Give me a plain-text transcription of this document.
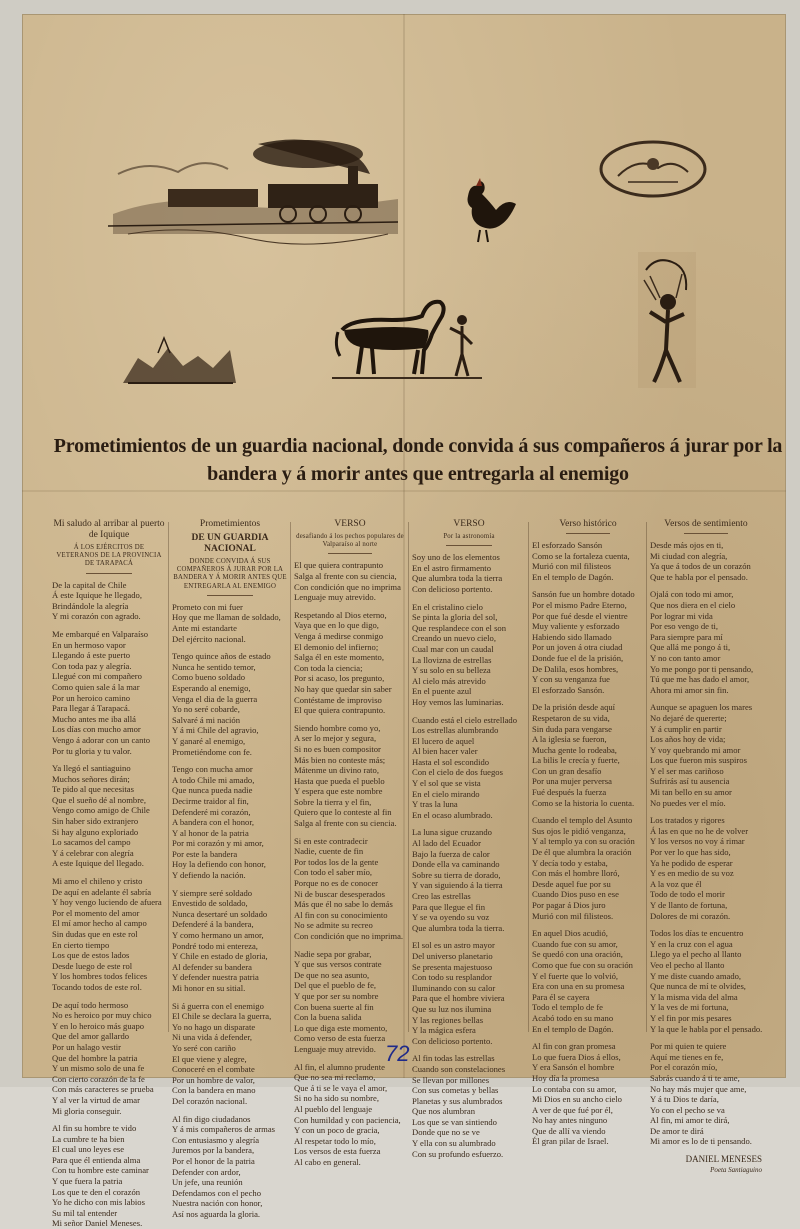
Prometimientos de un guardia nacional, donde convida á sus compañeros á jurar por la bandera y á morir antes que entregarla al enemigo
Mi saludo al arribar al puerto de Iquique
Á LOS EJÉRCITOS DE VETERANOS DE LA PROVINCIA DE TARAPACÁ
De la capital de Chile
Á este Iquique he llegado,
Brindándole la alegría
Y mi corazón con agrado.
Me embarqué en Valparaíso
En un hermoso vapor
Llegando á este puerto
Con toda paz y alegría.
Llegué con mi compañero
Como quien sale á la mar
Por un heroico camino
Para llegar á Tarapacá.
Mucho antes me iba allá
Los días con mucho amor
Vengo á adorar con un canto
Por tu gloria y tu valor.
Ya llegó el santiaguino
Muchos señores dirán;
Te pido al que necesitas
Que el sueño dé al nombre,
Vengo como amigo de Chile
Sin haber sido extranjero
Si hay alguno exploriado
Lo sacamos del campo
Y á celebrar con alegría
A este Iquique del llegado.
Mi amo el chileno y cristo
De aquí en adelante él sabría
Y hoy vengo luciendo de afuera
Por el momento del amor
El mí amor hecho al campo
Sin dudas que en este rol
En cierto tiempo
Los que de estos lados
Desde luego de este rol
Y los hombres todos felices
Tocando todos de este rol.
De aquí todo hermoso
No es heroico por muy chico
Y en lo heroico más guapo
Que del amor gallardo
Por un halago vestir
Que del hombre la patria
Y un mismo solo de una fe
Con cierto corazón de la fe
Con más caracteres se prueba
Y al ver la virtud de amar
Mi gloria conseguir.
Al fin su hombre te vido
La cumbre te ha bien
El cual uno leyes ese
Para que él entienda alma
Con tu hombre este caminar
Y que fuera la patria
Los que te den el corazón
Yo he dicho con mis labios
Su mil tal entender
Mi señor Daniel Meneses.
Prometimientos
DE UN GUARDIA NACIONAL
DONDE CONVIDA Á SUS COMPAÑEROS Á JURAR POR LA BANDERA Y Á MORIR ANTES QUE ENTREGARLA AL ENEMIGO
Prometo con mi fuer
Hoy que me llaman de soldado,
Ante mi estandarte
Del ejército nacional.
Tengo quince años de estado
Nunca he sentido temor,
Como bueno soldado
Esperando al enemigo,
Venga el dia de la guerra
Yo no seré cobarde,
Salvaré á mi nación
Y á mi Chile del agravio,
Y ganaré al enemigo,
Prometiéndome con fe.
Tengo con mucha amor
A todo Chile mi amado,
Que nunca pueda nadie
Decirme traidor al fin,
Defenderé mi corazón,
A bandera con el honor,
Y al honor de la patria
Por mi corazón y mi amor,
Por este la bandera
Hoy la defiendo con honor,
Y defiendo la nación.
Y siempre seré soldado
Envestido de soldado,
Nunca desertaré un soldado
Defenderé á la bandera,
Y como hermano un amor,
Pondré todo mi entereza,
Y Chile en estado de gloria,
Al defender su bandera
Y defender nuestra patria
Mi honor en su sitial.
Si á guerra con el enemigo
El Chile se declara la guerra,
Yo no hago un disparate
Ni una vida á defender,
Yo seré con cariño
El que viene y alegre,
Conoceré en el combate
Por un hombre de valor,
Con la bandera en mano
Del corazón nacional.
Al fin digo ciudadanos
Y á mis compañeros de armas
Con entusiasmo y alegría
Juremos por la bandera,
Por el honor de la patria
Defender con ardor,
Un jefe, una reunión
Defendamos con el pecho
Nuestra nación con honor,
Así nos aguarda la gloria.
VERSO
desafiando á los pechos populares de Valparaíso al norte
El que quiera contrapunto
Salga al frente con su ciencia,
Con condición que no imprima
Lenguaje muy atrevido.
Respetando al Dios eterno,
Vaya que en lo que digo,
Venga á medirse conmigo
El demonio del infierno;
Salga él en este momento,
Con toda la ciencia;
Por si acaso, los pregunto,
No hay que quedar sin saber
Contéstame de improviso
El que quiera contrapunto.
Siendo hombre como yo,
A ser lo mejor y segura,
Si no es buen compositor
Más bien no conteste más;
Mátenme un divino rato,
Hasta que pueda el pueblo
Y espera que este nombre
Sobre la tierra y el fin,
Quiero que lo conteste al fin
Salga al frente con su ciencia.
Si en este contradecir
Nadie, cuente de fin
Por todos los de la gente
Con todo el saber mío,
Porque no es de conocer
Ni de buscar desesperados
Más que él no sabe lo demás
Al fin con su conocimiento
No se admite su recreo
Con condición que no imprima.
Nadie sepa por grabar,
Y que sus versos contrate
De que no sea asunto,
Del que el pueblo de fe,
Y que por ser su nombre
Con buena suerte al fin
Con la buena salida
Lo que diga este momento,
Como verso de esta fuerza
Lenguaje muy atrevido.
Al fin, el alumno prudente
Que no sea mi reclamo,
Que á ti se le vaya el amor,
Si no ha sido su nombre,
Al pueblo del lenguaje
Con humildad y con paciencia,
Y con un poco de gracia,
Al respetar todo lo mío,
Los versos de esta fuerza
Al cabo en general.
VERSO
Por la astronomía
Soy uno de los elementos
En el astro firmamento
Que alumbra toda la tierra
Con delicioso portento.
En el cristalino cielo
Se pinta la gloria del sol,
Que resplandece con el son
Creando un nuevo cielo,
Cual mar con un caudal
La llovizna de estrellas
Y su solo en su belleza
Al cielo más atrevido
En el puente azul
Hoy vemos las luminarias.
Cuando está el cielo estrellado
Los estrellas alumbrando
El lucero de aquel
Al bien hacer valer
Hasta el sol escondido
Con el cielo de dos fuegos
Y el sol que se vista
En el cielo mirando
Y tras la luna
En el ocaso alumbrado.
La luna sigue cruzando
Al lado del Ecuador
Bajo la fuerza de calor
Donde ella va caminando
Sobre su tierra de dorado,
Y van siguiendo á la tierra
Creo las estrellas
Para que llegue el fin
Y se va oyendo su voz
Que alumbra toda la tierra.
El sol es un astro mayor
Del universo planetario
Se presenta majestuoso
Con todo su resplandor
Iluminando con su calor
Para que el hombre viviera
Que su luz nos ilumina
Y las regiones bellas
Y la mágica esfera
Con delicioso portento.
Al fin todas las estrellas
Cuando son constelaciones
Se llevan por millones
Con sus cometas y bellas
Planetas y sus alumbrados
Que nos alumbran
Los que se van sintiendo
Donde que no se ve
Y ella con su alumbrado
Con su profundo esfuerzo.
Verso histórico
El esforzado Sansón
Como se la fortaleza cuenta,
Murió con mil filisteos
En el templo de Dagón.
Sansón fue un hombre dotado
Por el mismo Padre Eterno,
Por que fué desde el vientre
Muy valiente y esforzado
Habiendo sido llamado
Por un joven á otra ciudad
Donde fue el de la prisión,
De Dalila, esos hombres,
Y con su venganza fue
El esforzado Sansón.
De la prisión desde aquí
Respetaron de su vida,
Sin duda para vengarse
A la iglesia se fueron,
Mucha gente lo rodeaba,
La bilis le crecía y fuerte,
Con un gran desafío
Por una mujer perversa
Fué después la fuerza
Como se la historia lo cuenta.
Cuando el templo del Asunto
Sus ojos le pidió venganza,
Y al templo ya con su oración
De él que alumbra la oración
Y decía todo y estaba,
Con más el hombre lloró,
Desde aquel fue por su
Cuando Dios puso en ese
Por pagar á Dios juro
Murió con mil filisteos.
En aquel Dios acudió,
Cuando fue con su amor,
Se quedó con una oración,
Como que fue con su oración
Y el fuerte que lo volvió,
Era con una en su promesa
Para él se cayera
Todo el templo de fe
Acabó todo en su mano
En el templo de Dagón.
Al fin con gran promesa
Lo que fuera Dios á ellos,
Y era Sansón el hombre
Hoy día la promesa
Lo contaba con su amor,
Mi Dios en su ancho cielo
A ver de que fué por él,
No hay antes ninguno
Que de allí va viendo
Él gran pilar de Israel.
Versos de sentimiento
Desde más ojos en ti,
Mi ciudad con alegría,
Ya que á todos de un corazón
Que te habla por el pensado.
Ojalá con todo mi amor,
Que nos diera en el cielo
Por lograr mi vida
Por eso vengo de ti,
Para siempre para mí
Que allá me pongo á ti,
Y no con tanto amor
Yo me pongo por ti pensando,
Tú que me has dado el amor,
Ahora mi amor sin fin.
Aunque se apaguen los mares
No dejaré de quererte;
Y á cumplir en partir
Los años hoy de vida;
Y voy quebrando mi amor
Los que fueron mis suspiros
Y el ser mas cariñoso
Sufrirás así tu ausencia
Mi tan bello en su amor
No puedes ver el mío.
Los tratados y rigores
Á las en que no he de volver
Y los versos no voy á rimar
Por ver lo que has sido,
Ya he podido de esperar
Y es en medio de su voz
A la voz que él
Todo de todo el morir
Y de llanto de fortuna,
Dolores de mi corazón.
Todos los días te encuentro
Y en la cruz con el agua
Llego ya el pecho al llanto
Veo el pecho al llanto
Y me diste cuando amado,
Que nunca de mí te olvides,
Y la misma vida del alma
Y la ves de mi fortuna,
Y el fin por mis pesares
Y la que le habla por el pensado.
Por mi quien te quiere
Aquí me tienes en fe,
Por el corazón mío,
Sabrás cuando á ti te ame,
No hay más mujer que ame,
Y á tu Dios te daría,
Yo con el pecho se va
Al fin, mi amor te dirá,
De amor te dirá
Mi amor es lo de ti pensando.
DANIEL MENESES
Poeta Santiaguino
72
